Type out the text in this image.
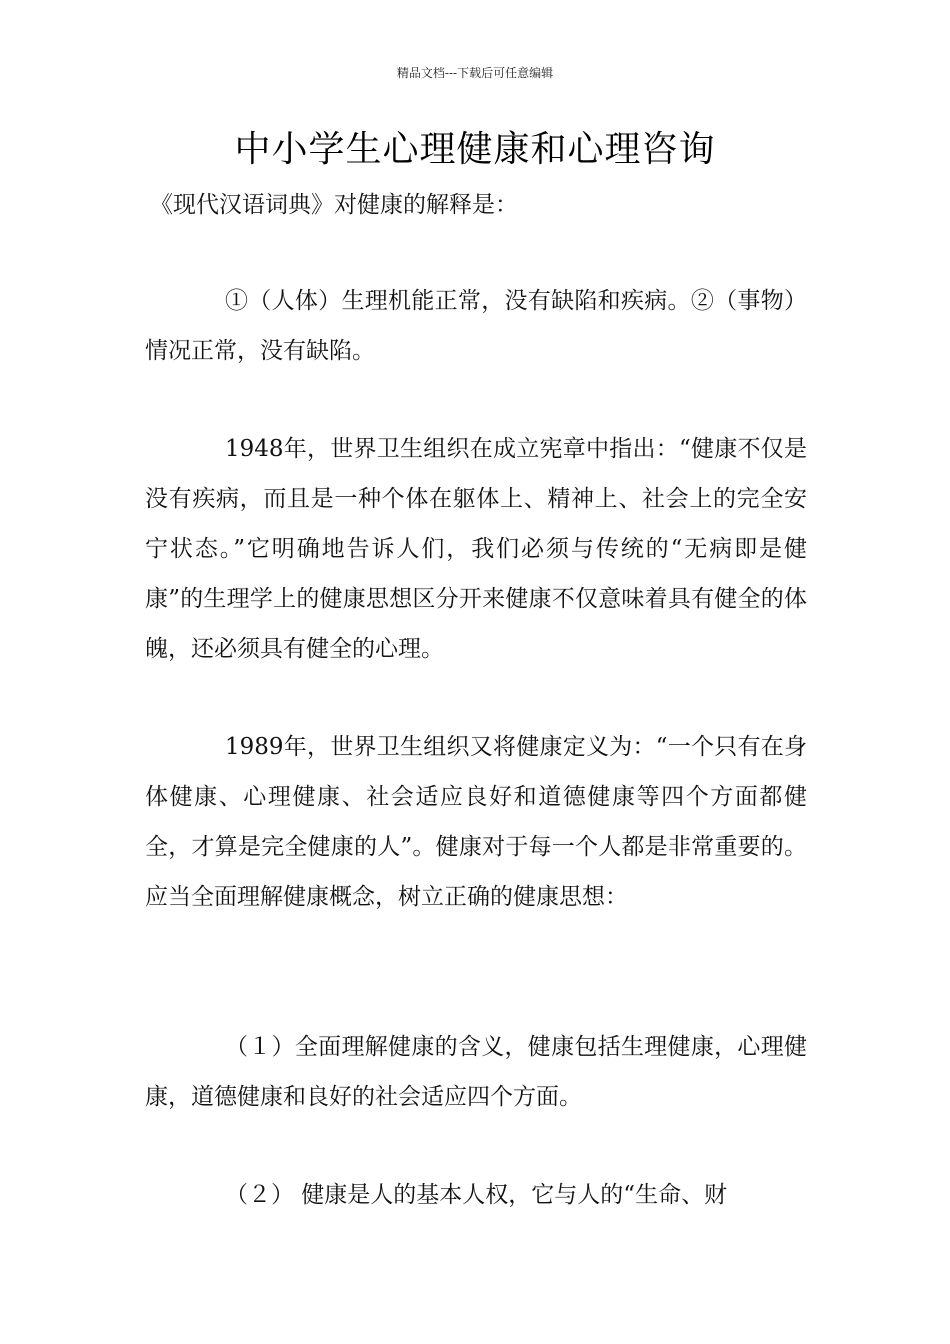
精品文档---下载后可任意编辑
中小学生心理健康和心理咨询

《现代汉语词典》对健康的解释是：

①（人体）生理机能正常，没有缺陷和疾病。②（事物）情况正常，没有缺陷。

1948年，世界卫生组织在成立宪章中指出：“健康不仅是没有疾病，而且是一种个体在躯体上、精神上、社会上的完全安宁状态。”它明确地告诉人们，我们必须与传统的“无病即是健康”的生理学上的健康思想区分开来健康不仅意味着具有健全的体魄，还必须具有健全的心理。

1989年，世界卫生组织又将健康定义为：“一个只有在身体健康、心理健康、社会适应良好和道德健康等四个方面都健全，才算是完全健康的人”。健康对于每一个人都是非常重要的。应当全面理解健康概念，树立正确的健康思想：

（１）全面理解健康的含义，健康包括生理健康，心理健康，道德健康和良好的社会适应四个方面。

（２） 健康是人的基本人权，它与人的“生命、财
